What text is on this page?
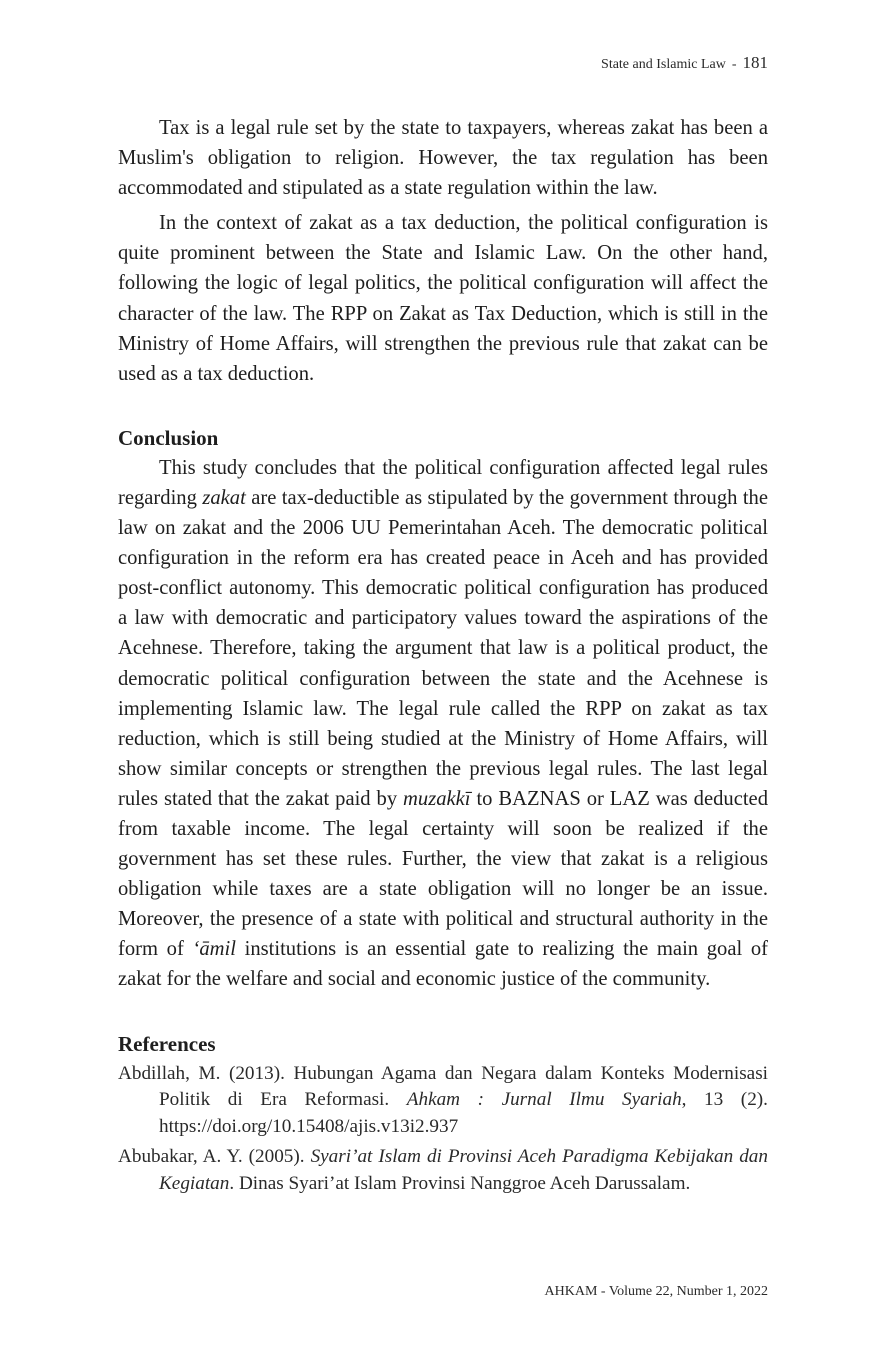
State and Islamic Law - 181

Tax is a legal rule set by the state to taxpayers, whereas zakat has been a Muslim's obligation to religion. However, the tax regulation has been accommodated and stipulated as a state regulation within the law.

In the context of zakat as a tax deduction, the political configuration is quite prominent between the State and Islamic Law. On the other hand, following the logic of legal politics, the political configuration will affect the character of the law. The RPP on Zakat as Tax Deduction, which is still in the Ministry of Home Affairs, will strengthen the previous rule that zakat can be used as a tax deduction.

Conclusion

This study concludes that the political configuration affected legal rules regarding zakat are tax-deductible as stipulated by the government through the law on zakat and the 2006 UU Pemerintahan Aceh. The democratic political configuration in the reform era has created peace in Aceh and has provided post-conflict autonomy. This democratic political configuration has produced a law with democratic and participatory values toward the aspirations of the Acehnese. Therefore, taking the argument that law is a political product, the democratic political configuration between the state and the Acehnese is implementing Islamic law. The legal rule called the RPP on zakat as tax reduction, which is still being studied at the Ministry of Home Affairs, will show similar concepts or strengthen the previous legal rules. The last legal rules stated that the zakat paid by muzakkī to BAZNAS or LAZ was deducted from taxable income. The legal certainty will soon be realized if the government has set these rules. Further, the view that zakat is a religious obligation while taxes are a state obligation will no longer be an issue. Moreover, the presence of a state with political and structural authority in the form of ‘āmil institutions is an essential gate to realizing the main goal of zakat for the welfare and social and economic justice of the community.

References

Abdillah, M. (2013). Hubungan Agama dan Negara dalam Konteks Modernisasi Politik di Era Reformasi. Ahkam : Jurnal Ilmu Syariah, 13 (2). https://doi.org/10.15408/ajis.v13i2.937

Abubakar, A. Y. (2005). Syari’at Islam di Provinsi Aceh Paradigma Kebijakan dan Kegiatan. Dinas Syari’at Islam Provinsi Nanggroe Aceh Darussalam.

AHKAM - Volume 22, Number 1, 2022
